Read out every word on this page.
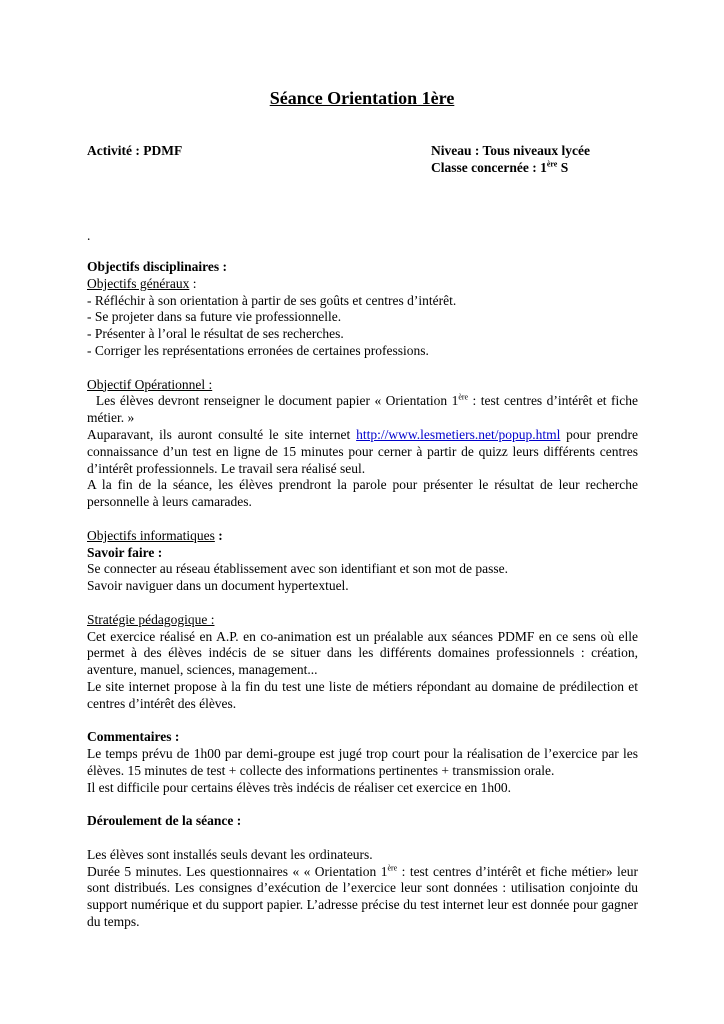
Séance Orientation 1ère
Activité : PDMF	Niveau : Tous niveaux lycée
Classe concernée : 1ère S
.
Objectifs disciplinaires :
Objectifs généraux :
- Réfléchir à son orientation à partir de ses goûts et centres d’intérêt.
- Se projeter dans sa future vie professionnelle.
- Présenter à l’oral le résultat de ses recherches.
- Corriger les représentations erronées de certaines professions.
Objectif Opérationnel :
Les élèves devront renseigner le document papier « Orientation 1ère : test centres d’intérêt et fiche métier. »
Auparavant, ils auront consulté le site internet http://www.lesmetiers.net/popup.html pour prendre connaissance d’un test en ligne de 15 minutes pour cerner à partir de quizz leurs différents centres d’intérêt professionnels. Le travail sera réalisé seul.
A la fin de la séance, les élèves prendront la parole pour présenter le résultat de leur recherche personnelle à leurs camarades.
Objectifs informatiques :
Savoir faire :
Se connecter au réseau établissement avec son identifiant et son mot de passe.
Savoir naviguer dans un document hypertextuel.
Stratégie pédagogique :
Cet exercice réalisé en A.P. en co-animation est un préalable aux séances PDMF en ce sens où elle permet à des élèves indécis de se situer dans les différents domaines professionnels : création, aventure, manuel, sciences, management...
Le site internet propose à la fin du test une liste de métiers répondant au domaine de prédilection et centres d’intérêt des élèves.
Commentaires :
Le temps prévu de 1h00 par demi-groupe est jugé trop court pour la réalisation de l’exercice par les élèves. 15 minutes de test + collecte des informations pertinentes + transmission orale.
Il est difficile pour certains élèves très indécis de réaliser cet exercice en 1h00.
Déroulement de la séance :
Les élèves sont installés seuls devant les ordinateurs.
Durée 5 minutes. Les questionnaires « « Orientation 1ère : test centres d’intérêt et fiche métier» leur sont distribués. Les consignes d’exécution de l’exercice leur sont données : utilisation conjointe du support numérique et du support papier. L’adresse précise du test internet leur est donnée pour gagner du temps.
